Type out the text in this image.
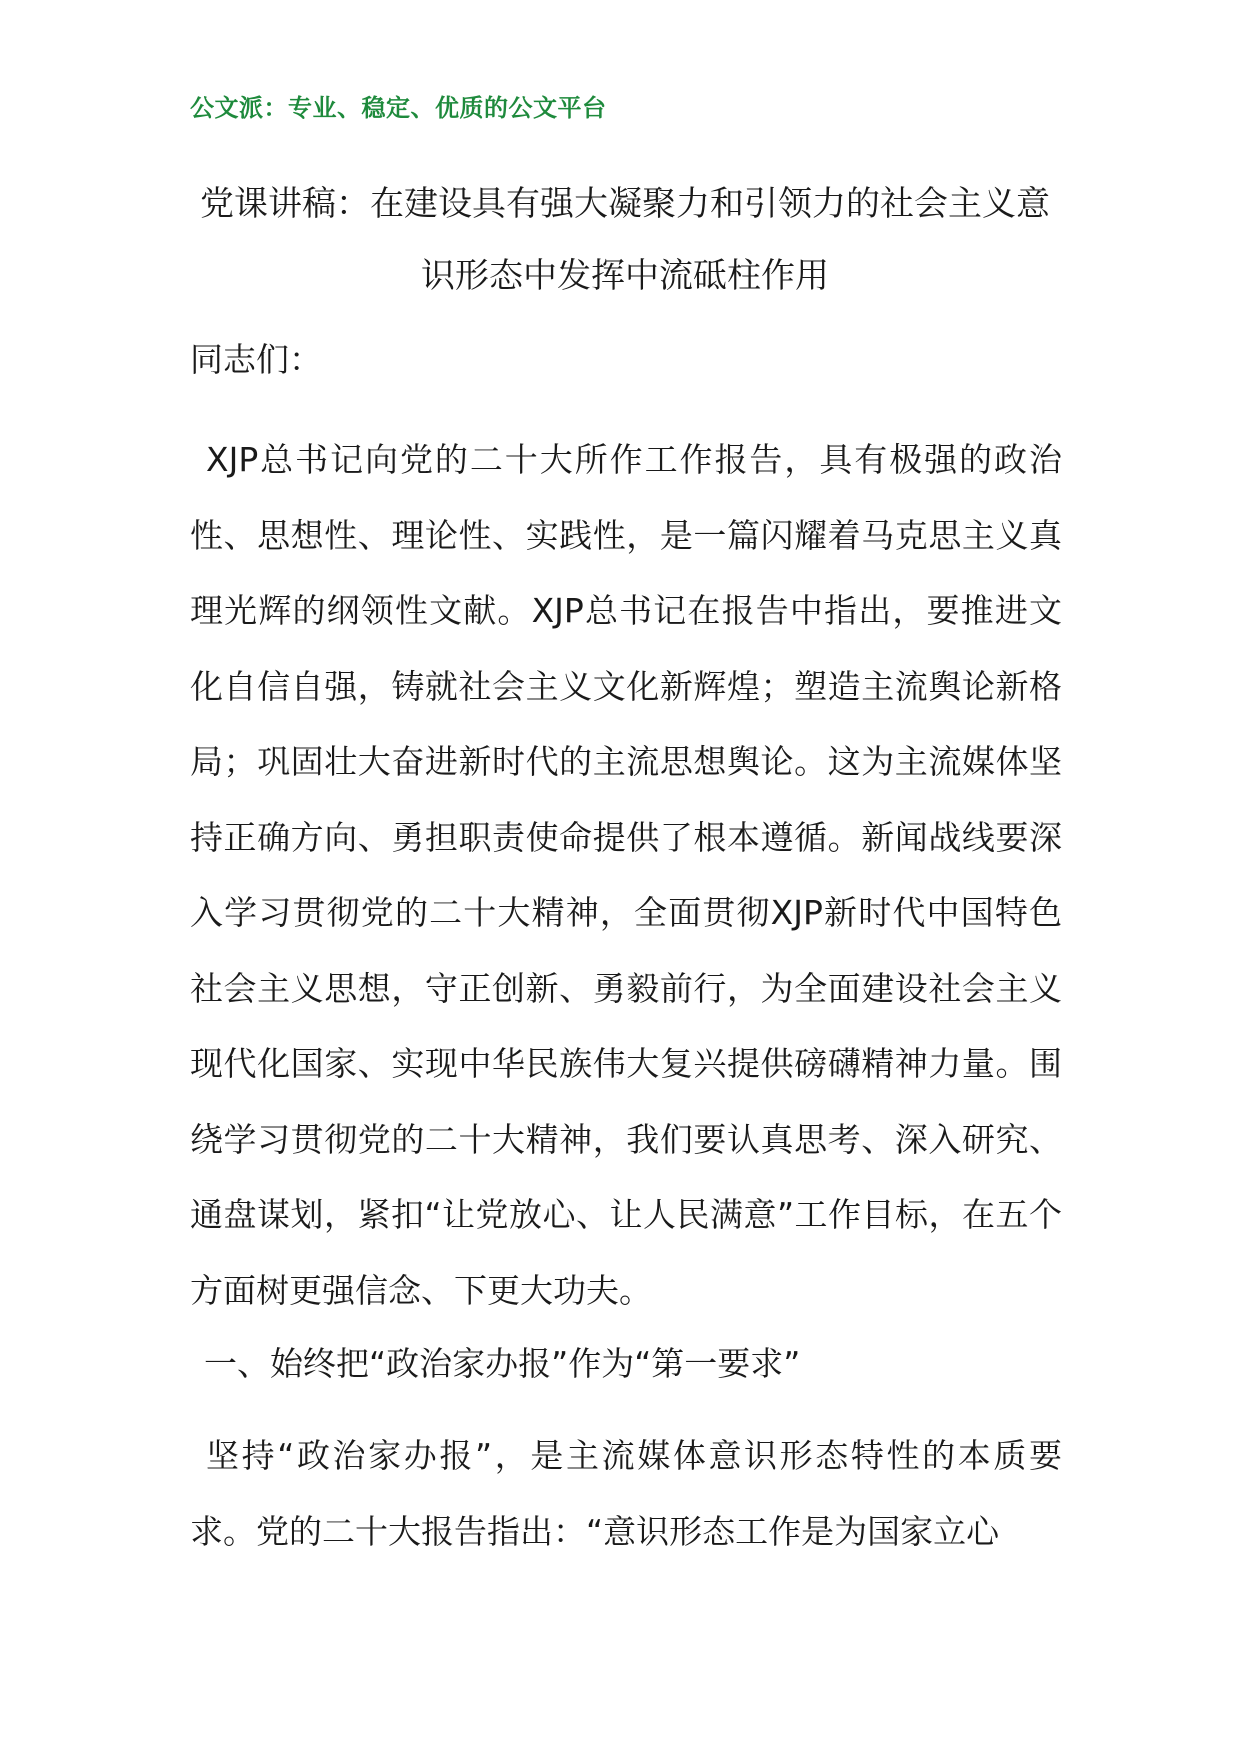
公文派：专业、稳定、优质的公文平台
党课讲稿：在建设具有强大凝聚力和引领力的社会主义意识形态中发挥中流砥柱作用

同志们：

XJP总书记向党的二十大所作工作报告，具有极强的政治性、思想性、理论性、实践性，是一篇闪耀着马克思主义真理光辉的纲领性文献。XJP总书记在报告中指出，要推进文化自信自强，铸就社会主义文化新辉煌；塑造主流舆论新格局；巩固壮大奋进新时代的主流思想舆论。这为主流媒体坚持正确方向、勇担职责使命提供了根本遵循。新闻战线要深入学习贯彻党的二十大精神，全面贯彻XJP新时代中国特色社会主义思想，守正创新、勇毅前行，为全面建设社会主义现代化国家、实现中华民族伟大复兴提供磅礴精神力量。围绕学习贯彻党的二十大精神，我们要认真思考、深入研究、通盘谋划，紧扣“让党放心、让人民满意”工作目标，在五个方面树更强信念、下更大功夫。

一、始终把“政治家办报”作为“第一要求”

坚持“政治家办报”，是主流媒体意识形态特性的本质要求。党的二十大报告指出：“意识形态工作是为国家立心
